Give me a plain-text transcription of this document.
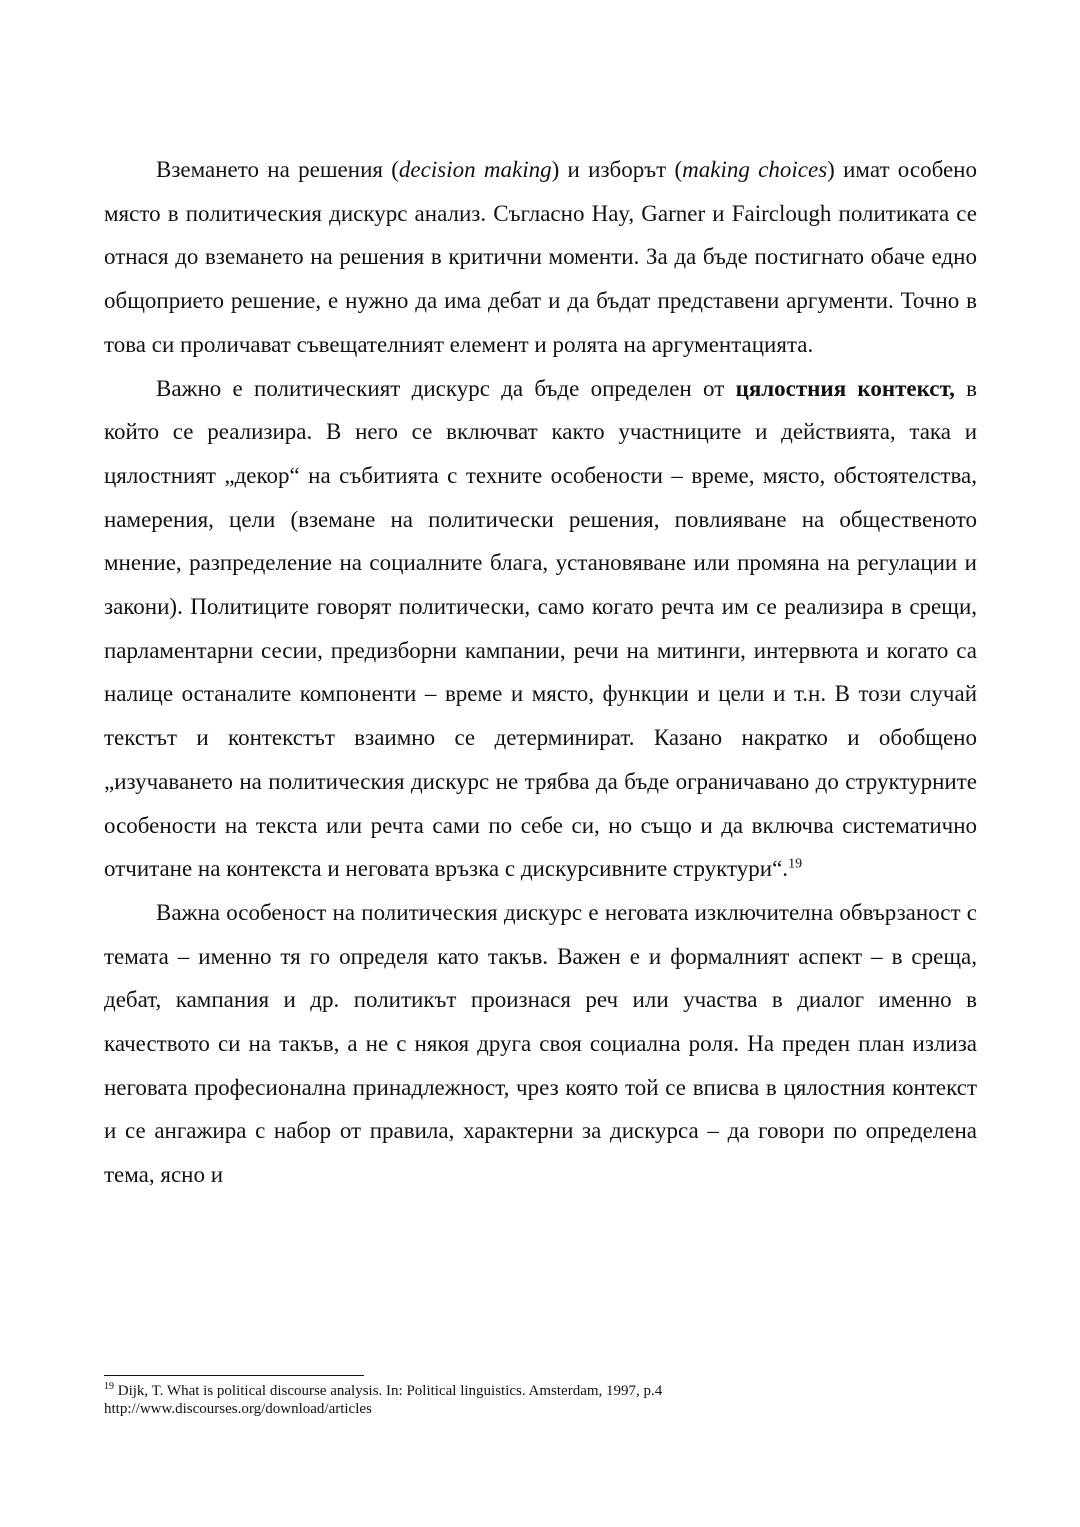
Вземането на решения (decision making) и изборът (making choices) имат особено място в политическия дискурс анализ. Съгласно Hay, Garner и Fairclough политиката се отнася до вземането на решения в критични моменти. За да бъде постигнато обаче едно общоприето решение, е нужно да има дебат и да бъдат представени аргументи. Точно в това си проличават съвещателният елемент и ролята на аргументацията.

Важно е политическият дискурс да бъде определен от цялостния контекст, в който се реализира. В него се включват както участниците и действията, така и цялостният „декор“ на събитията с техните особености – време, място, обстоятелства, намерения, цели (вземане на политически решения, повлияване на общественото мнение, разпределение на социалните блага, установяване или промяна на регулации и закони). Политиците говорят политически, само когато речта им се реализира в срещи, парламентарни сесии, предизборни кампании, речи на митинги, интервюта и когато са налице останалите компоненти – време и място, функции и цели и т.н. В този случай текстът и контекстът взаимно се детерминират. Казано накратко и обобщено „изучаването на политическия дискурс не трябва да бъде ограничавано до структурните особености на текста или речта сами по себе си, но също и да включва систематично отчитане на контекста и неговата връзка с дискурсивните структури“.$^{19}$

Важна особеност на политическия дискурс е неговата изключителна обвързаност с темата – именно тя го определя като такъв. Важен е и формалният аспект – в среща, дебат, кампания и др. политикът произнася реч или участва в диалог именно в качеството си на такъв, а не с някоя друга своя социална роля. На преден план излиза неговата професионална принадлежност, чрез която той се вписва в цялостния контекст и се ангажира с набор от правила, характерни за дискурса – да говори по определена тема, ясно и

$^{19}$ Dijk, T. What is political discourse analysis. In: Political linguistics. Amsterdam, 1997, p.4
http://www.discourses.org/download/articles
